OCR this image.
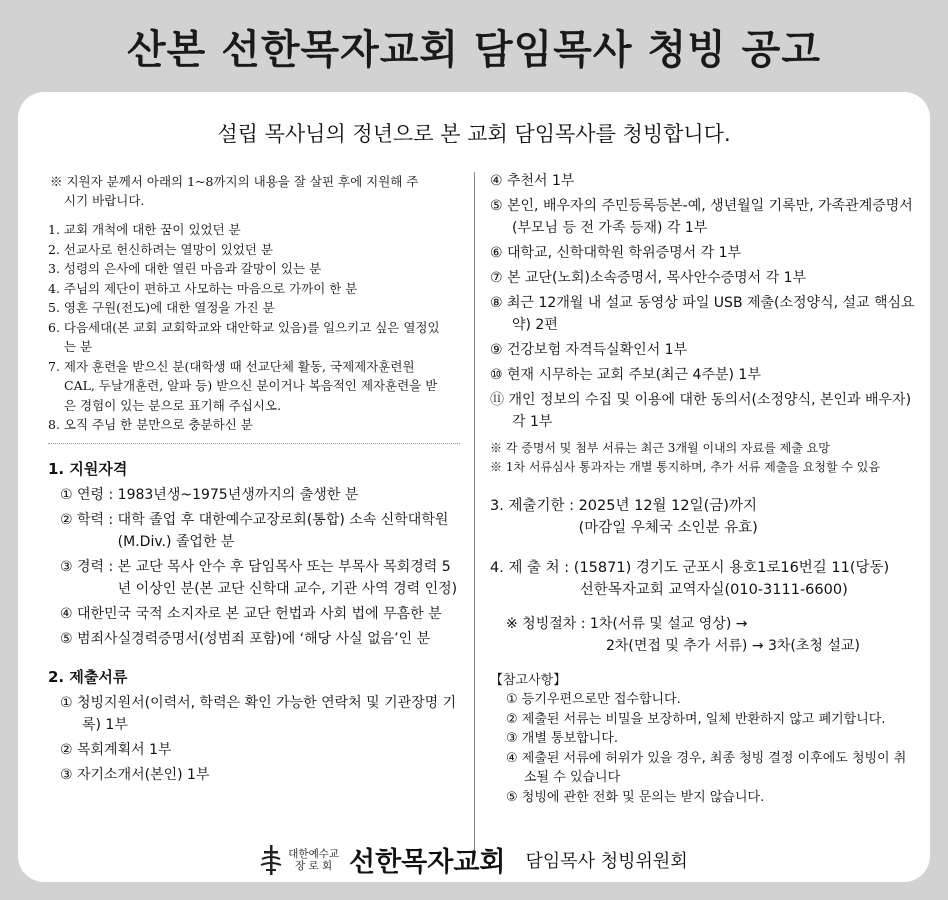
산본 선한목자교회 담임목사 청빙 공고
설립 목사님의 정년으로 본 교회 담임목사를 청빙합니다.
※ 지원자 분께서 아래의 1~8까지의 내용을 잘 살핀 후에 지원해 주시기 바랍니다.
1. 교회 개척에 대한 꿈이 있었던 분
2. 선교사로 헌신하려는 열망이 있었던 분
3. 성령의 은사에 대한 열린 마음과 갈망이 있는 분
4. 주님의 제단이 편하고 사모하는 마음으로 가까이 한 분
5. 영혼 구원(전도)에 대한 열정을 가진 분
6. 다음세대(본 교회 교회학교와 대안학교 있음)를 일으키고 싶은 열정있는 분
7. 제자 훈련을 받으신 분(대학생 때 선교단체 활동, 국제제자훈련원 CAL, 두날개훈련, 알파 등) 받으신 분이거나 복음적인 제자훈련을 받은 경험이 있는 분으로 표기해 주십시오.
8. 오직 주님 한 분만으로 충분하신 분
1. 지원자격
① 연령 : 1983년생~1975년생까지의 출생한 분
② 학력 : 대학 졸업 후 대한예수교장로회(통합) 소속 신학대학원(M.Div.) 졸업한 분
③ 경력 : 본 교단 목사 안수 후 담임목사 또는 부목사 목회경력 5년 이상인 분(본 교단 신학대 교수, 기관 사역 경력 인정)
④ 대한민국 국적 소지자로 본 교단 헌법과 사회 법에 무흠한 분
⑤ 범죄사실경력증명서(성범죄 포함)에 ‘해당 사실 없음’인 분
2. 제출서류
① 청빙지원서(이력서, 학력은 확인 가능한 연락처 및 기관장명 기록) 1부
② 목회계획서 1부
③ 자기소개서(본인) 1부
④ 추천서 1부
⑤ 본인, 배우자의 주민등록등본-예, 생년월일 기록만, 가족관계증명서(부모님 등 전 가족 등재) 각 1부
⑥ 대학교, 신학대학원 학위증명서 각 1부
⑦ 본 교단(노회)소속증명서, 목사안수증명서 각 1부
⑧ 최근 12개월 내 설교 동영상 파일 USB 제출(소정양식, 설교 핵심요약) 2편
⑨ 건강보험 자격득실확인서 1부
⑩ 현재 시무하는 교회 주보(최근 4주분) 1부
⑪ 개인 정보의 수집 및 이용에 대한 동의서(소정양식, 본인과 배우자) 각 1부
※ 각 증명서 및 첨부 서류는 최근 3개월 이내의 자료를 제출 요망
※ 1차 서류심사 통과자는 개별 통지하며, 추가 서류 제출을 요청할 수 있음
3. 제출기한 : 2025년 12월 12일(금)까지
(마감일 우체국 소인분 유효)
4. 제 출 처 : (15871) 경기도 군포시 용호1로16번길 11(당동)
선한목자교회 교역자실(010-3111-6600)
※ 청빙절차 : 1차(서류 및 설교 영상) →
2차(면접 및 추가 서류) → 3차(초청 설교)
【참고사항】
① 등기우편으로만 접수합니다.
② 제출된 서류는 비밀을 보장하며, 일체 반환하지 않고 폐기합니다.
③ 개별 통보합니다.
④ 제출된 서류에 허위가 있을 경우, 최종 청빙 결정 이후에도 청빙이 취소될 수 있습니다
⑤ 청빙에 관한 전화 및 문의는 받지 않습니다.
대한예수교
장 로 회 선한목자교회 담임목사 청빙위원회
